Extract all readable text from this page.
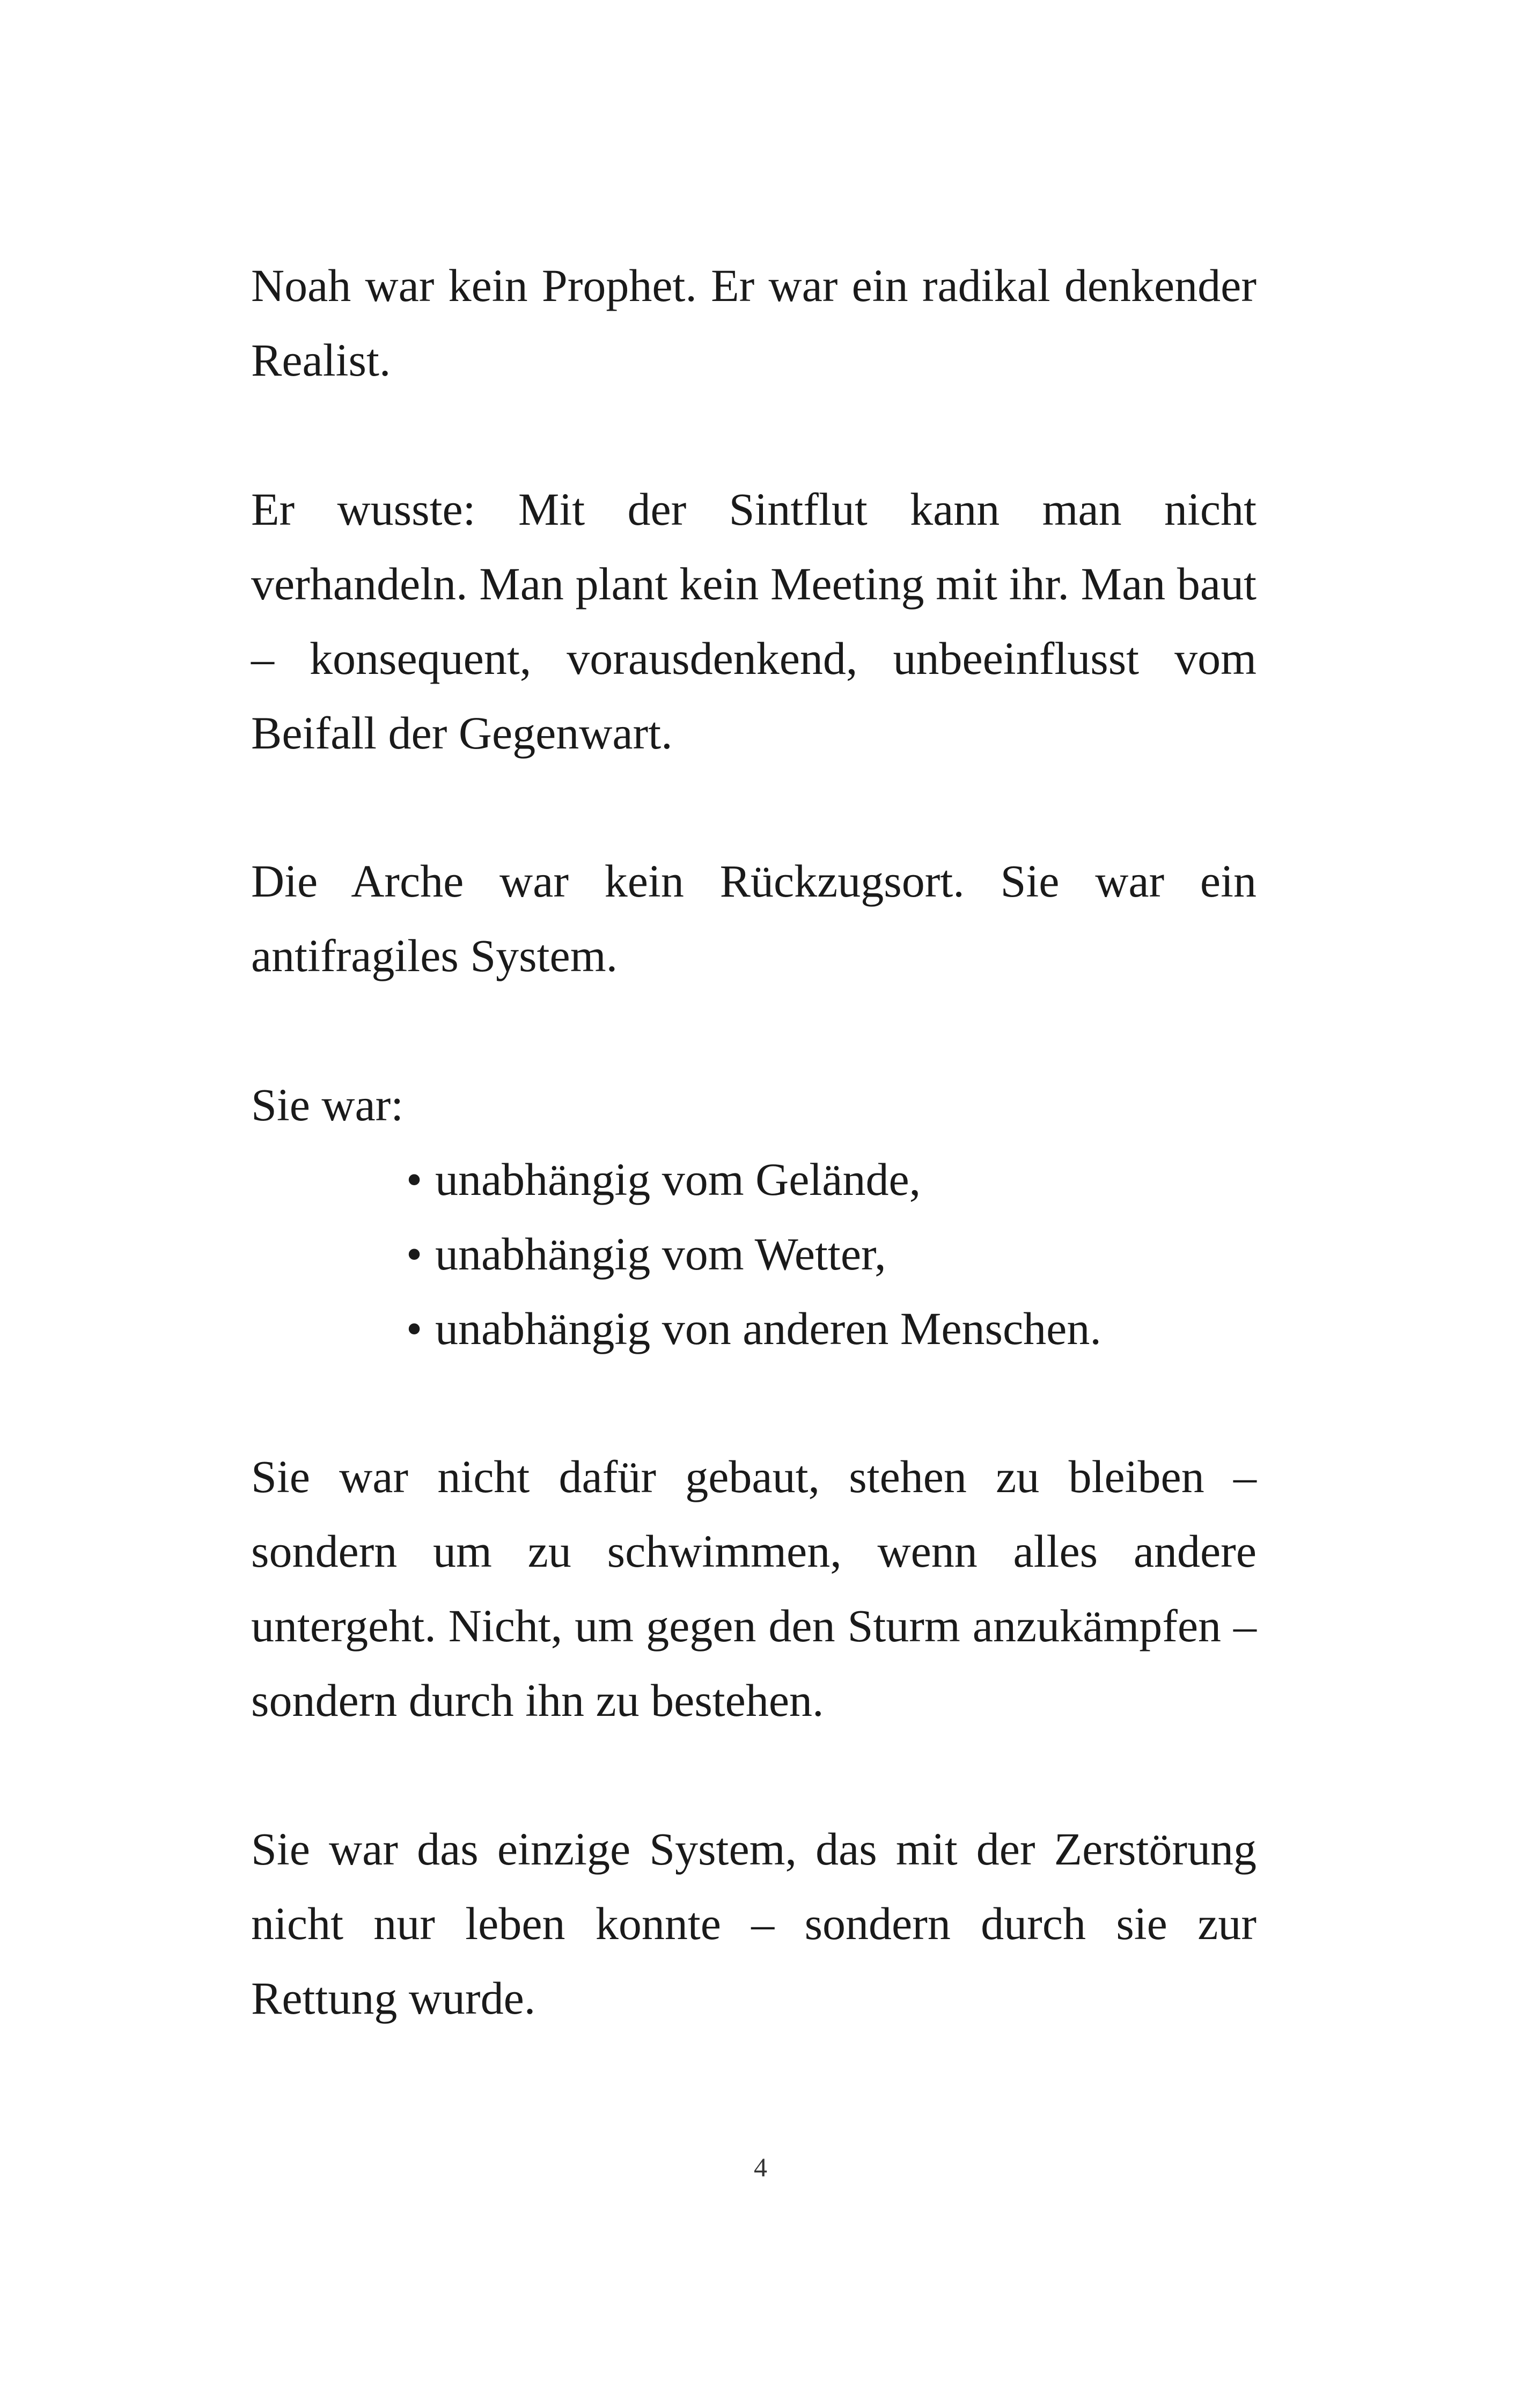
Noah war kein Prophet. Er war ein radikal denkender Realist.

Er wusste: Mit der Sintflut kann man nicht verhandeln. Man plant kein Meeting mit ihr. Man baut – konsequent, vorausdenkend, unbeeinflusst vom Beifall der Gegenwart.

Die Arche war kein Rückzugsort. Sie war ein antifragiles System.

Sie war:

• unabhängig vom Gelände,
• unabhängig vom Wetter,
• unabhängig von anderen Menschen.

Sie war nicht dafür gebaut, stehen zu bleiben – sondern um zu schwimmen, wenn alles andere untergeht. Nicht, um gegen den Sturm anzukämpfen – sondern durch ihn zu bestehen.

Sie war das einzige System, das mit der Zerstörung nicht nur leben konnte – sondern durch sie zur Rettung wurde.

4
